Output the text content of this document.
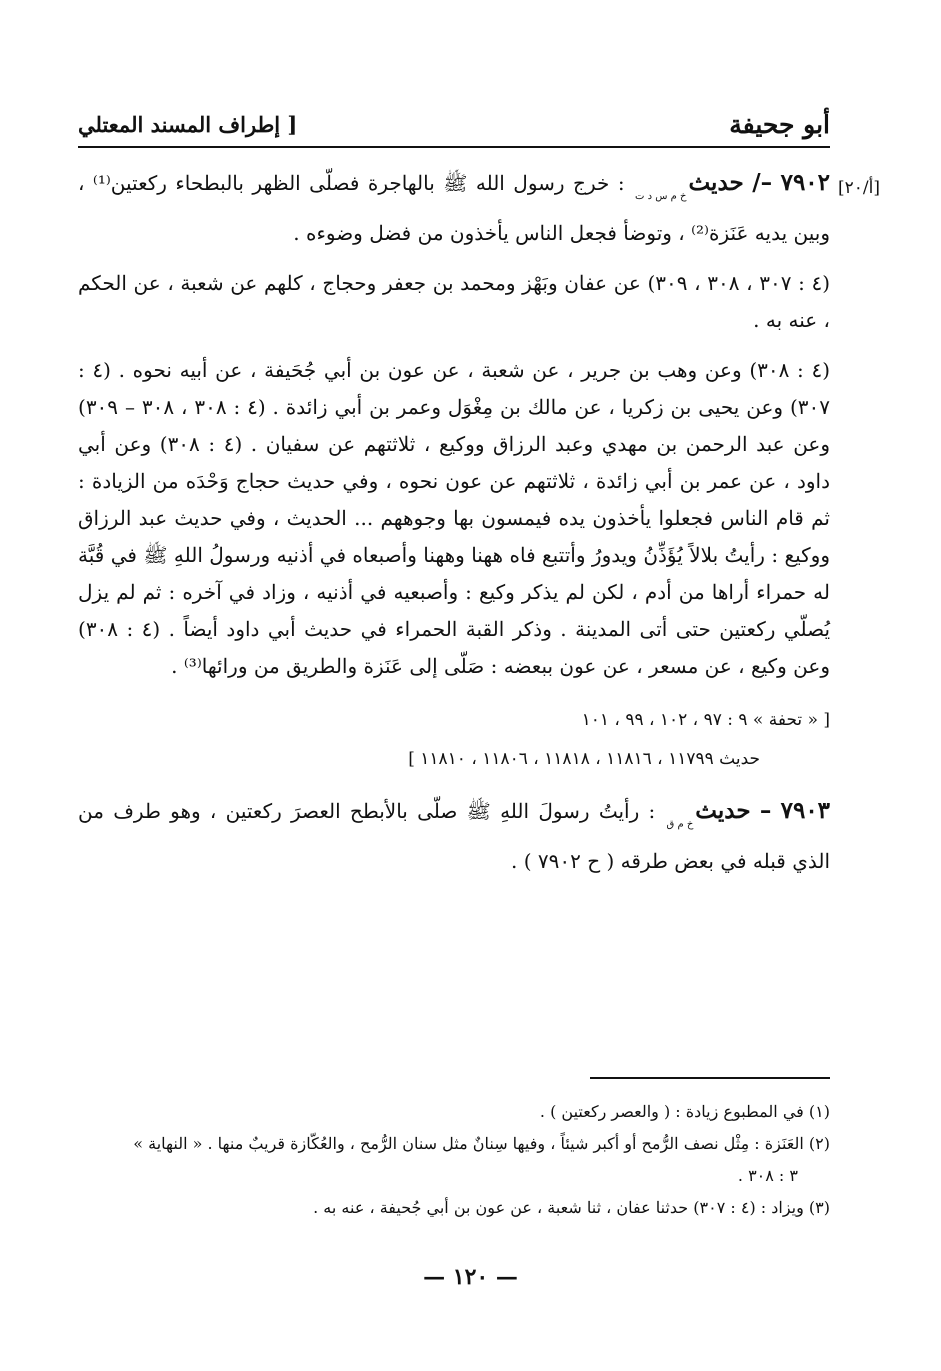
أبو جحيفة
[ إطراف المسند المعتلي
[۲۰/أ]

۷۹۰۲ –/ حديثخ م س د ت : خرج رسول الله ﷺ بالهاجرة فصلّى الظهر بالبطحاء ركعتين⁽¹⁾ ، وبين يديه عَنَزة⁽²⁾ ، وتوضأ فجعل الناس يأخذون من فضل وضوءه .

(٤ : ٣٠٧ ، ٣٠٨ ، ٣٠٩) عن عفان وبَهْز ومحمد بن جعفر وحجاج ، كلهم عن شعبة ، عن الحكم ، عنه به .

(٤ : ٣٠٨) وعن وهب بن جرير ، عن شعبة ، عن عون بن أبي جُحَيفة ، عن أبيه نحوه . (٤ : ٣٠٧) وعن يحيى بن زكريا ، عن مالك بن مِغْوَل وعمر بن أبي زائدة . (٤ : ٣٠٨ ، ٣٠٨ – ٣٠٩) وعن عبد الرحمن بن مهدي وعبد الرزاق ووكيع ، ثلاثتهم عن سفيان . (٤ : ٣٠٨) وعن أبي داود ، عن عمر بن أبي زائدة ، ثلاثتهم عن عون نحوه ، وفي حديث حجاج وَحْدَه من الزيادة : ثم قام الناس فجعلوا يأخذون يده فيمسون بها وجوههم ... الحديث ، وفي حديث عبد الرزاق ووكيع : رأيتُ بلالاً يُؤَذِّنُ ويدورُ وأتتبع فاه ههنا وههنا وأصبعاه في أذنيه ورسولُ اللهِ ﷺ في قُبَّة له حمراء أراها من أدم ، لكن لم يذكر وكيع : وأصبعيه في أذنيه ، وزاد في آخره : ثم لم يزل يُصلّي ركعتين حتى أتى المدينة . وذكر القبة الحمراء في حديث أبي داود أيضاً . (٤ : ٣٠٨) وعن وكيع ، عن مسعر ، عن عون ببعضه : صَلّى إلى عَنَزة والطريق من ورائها⁽³⁾ .

[ « تحفة » ٩ : ٩٧ ، ١٠٢ ، ٩٩ ، ١٠١
حديث ١١٧٩٩ ، ١١٨١٦ ، ١١٨١٨ ، ١١٨٠٦ ، ١١٨١٠ ]

۷۹۰۳ – حديثخ م ق : رأيتُ رسولَ اللهِ ﷺ صلّى بالأبطح العصرَ ركعتين ، وهو طرف من الذي قبله في بعض طرقه ( ح ٧٩٠٢ ) .

(١) في المطبوع زيادة : ( والعصر ركعتين ) .

(٢) العَنَزة : مِثْل نصف الرُّمح أو أكبر شيئاً ، وفيها سِنانٌ مثل سنان الرُّمح ، والعُكّازة قريبٌ منها . « النهاية »

٣ : ٣٠٨ .

(٣) ويزاد : (٤ : ٣٠٧) حدثنا عفان ، ثنا شعبة ، عن عون بن أبي جُحيفة ، عنه به .

— ١٢٠ —
